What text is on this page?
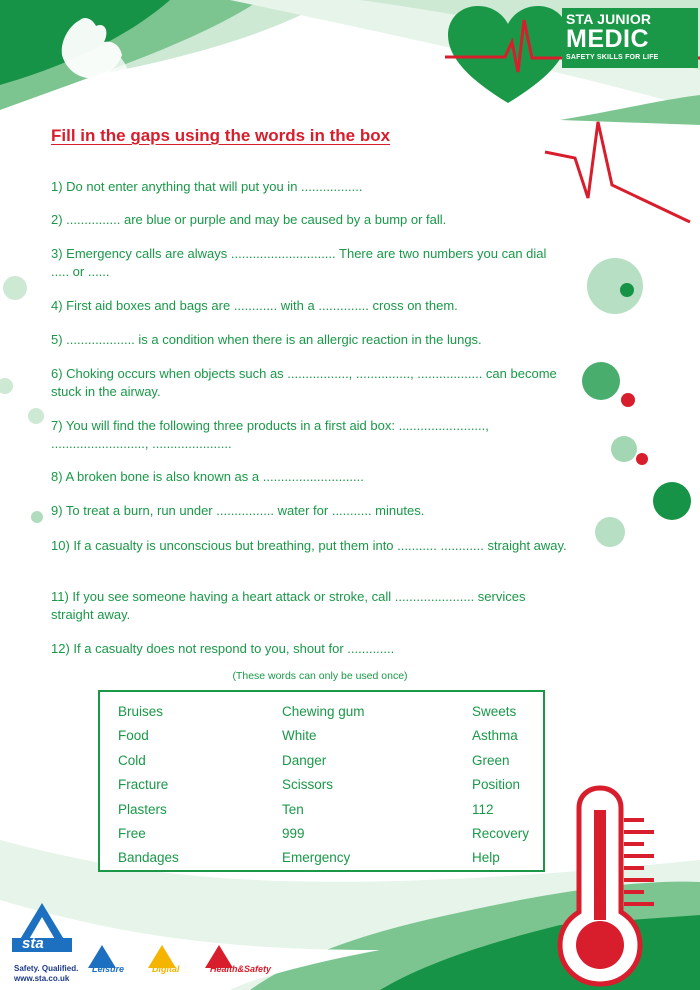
STA JUNIOR
MEDIC
SAFETY SKILLS FOR LIFE
Fill in the gaps using the words in the box
1) Do not enter anything that will put you in .................
2) ............... are blue or purple and may be caused by a bump or fall.
3) Emergency calls are always ............................. There are two numbers you can dial ..... or ......
4) First aid boxes and bags are ............ with a .............. cross on them.
5) ................... is a condition when there is an allergic reaction in the lungs.
6) Choking occurs when objects such as ................., ..............., .................. can become stuck in the airway.
7) You will find the following three products in a first aid box: ........................, .........................., ......................
8) A broken bone is also known as a ............................
9) To treat a burn, run under ................ water for ........... minutes.
10) If a casualty is unconscious but breathing, put them into ........... ............ straight away.
11) If you see someone having a heart attack or stroke, call ...................... services straight away.
12) If a casualty does not respond to you, shout for .............
(These words can only be used once)
Bruises
Food
Cold
Fracture
Plasters
Free
Bandages
Chewing gum
White
Danger
Scissors
Ten
999
Emergency
Sweets
Asthma
Green
Position
112
Recovery
Help
sta
Safety. Qualified.
www.sta.co.uk
Leisure	Digital	Health&Safety
